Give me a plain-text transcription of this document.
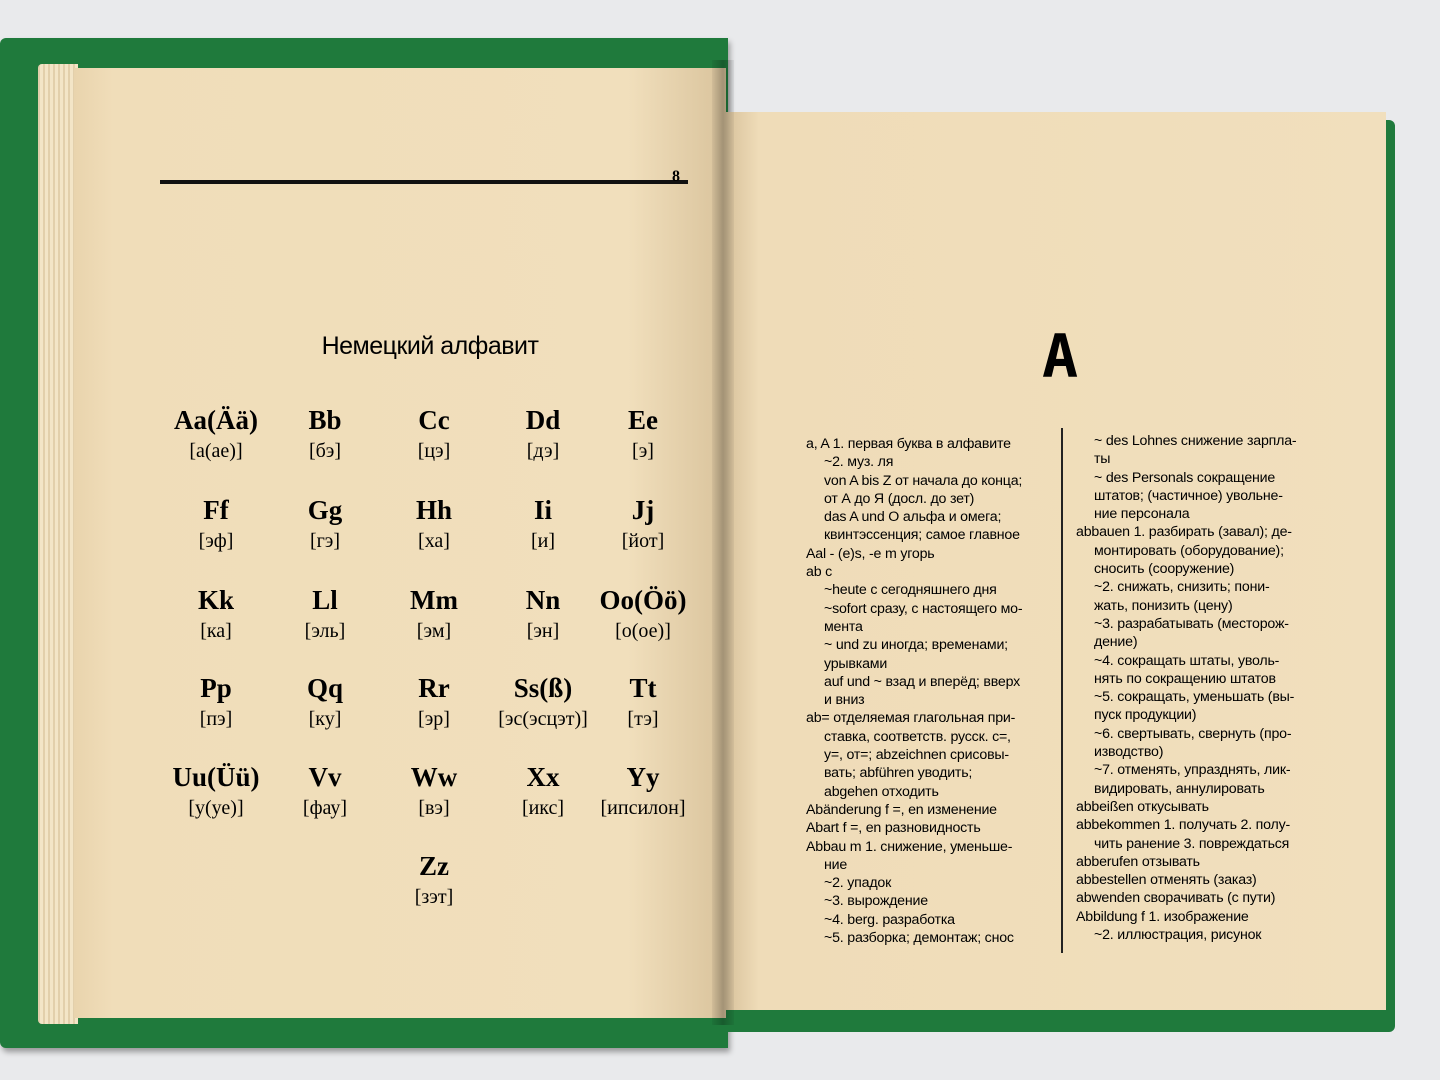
8
Немецкий алфавит
Aa(Ää)
[а(ае)]
Bb
[бэ]
Cc
[цэ]
Dd
[дэ]
Ee
[э]
Ff
[эф]
Gg
[гэ]
Hh
[ха]
Ii
[и]
Jj
[йот]
Kk
[ка]
Ll
[эль]
Mm
[эм]
Nn
[эн]
Oo(Öö)
[о(ое)]
Pp
[пэ]
Qq
[ку]
Rr
[эр]
Ss(ß)
[эс(эсцэт)]
Tt
[тэ]
Uu(Üü)
[у(уе)]
Vv
[фау]
Ww
[вэ]
Xx
[икс]
Yy
[ипсилон]
Zz
[зэт]
A
a, A 1. первая буква в алфавите
~2. муз. ля
von A bis Z от начала до конца;
от А до Я (досл. до зет)
das A und O альфа и омега;
квинтэссенция; самое главное
Aal - (e)s, -e m угорь
ab с
~heute с сегодняшнего дня
~sofort сразу, с настоящего мо-
мента
~ und zu иногда; временами;
урывками
auf und ~ взад и вперёд; вверх
и вниз
ab= отделяемая глагольная при-
ставка, соответств. русск. с=,
у=, от=; abzeichnen срисовы-
вать; abführen уводить;
abgehen отходить
Abänderung f =, en изменение
Abart f =, en разновидность
Abbau m 1. снижение, уменьше-
ние
~2. упадок
~3. вырождение
~4. berg. разработка
~5. разборка; демонтаж; снос
~ des Lohnes снижение зарпла-
ты
~ des Personals сокращение
штатов; (частичное) увольне-
ние персонала
abbauen 1. разбирать (завал); де-
монтировать (оборудование);
сносить (сооружение)
~2. снижать, снизить; пони-
жать, понизить (цену)
~3. разрабатывать (месторож-
дение)
~4. сокращать штаты, уволь-
нять по сокращению штатов
~5. сокращать, уменьшать (вы-
пуск продукции)
~6. свертывать, свернуть (про-
изводство)
~7. отменять, упразднять, лик-
видировать, аннулировать
abbeißen откусывать
abbekommen 1. получать 2. полу-
чить ранение 3. повреждаться
abberufen отзывать
abbestellen отменять (заказ)
abwenden сворачивать (с пути)
Abbildung f 1. изображение
~2. иллюстрация, рисунок
